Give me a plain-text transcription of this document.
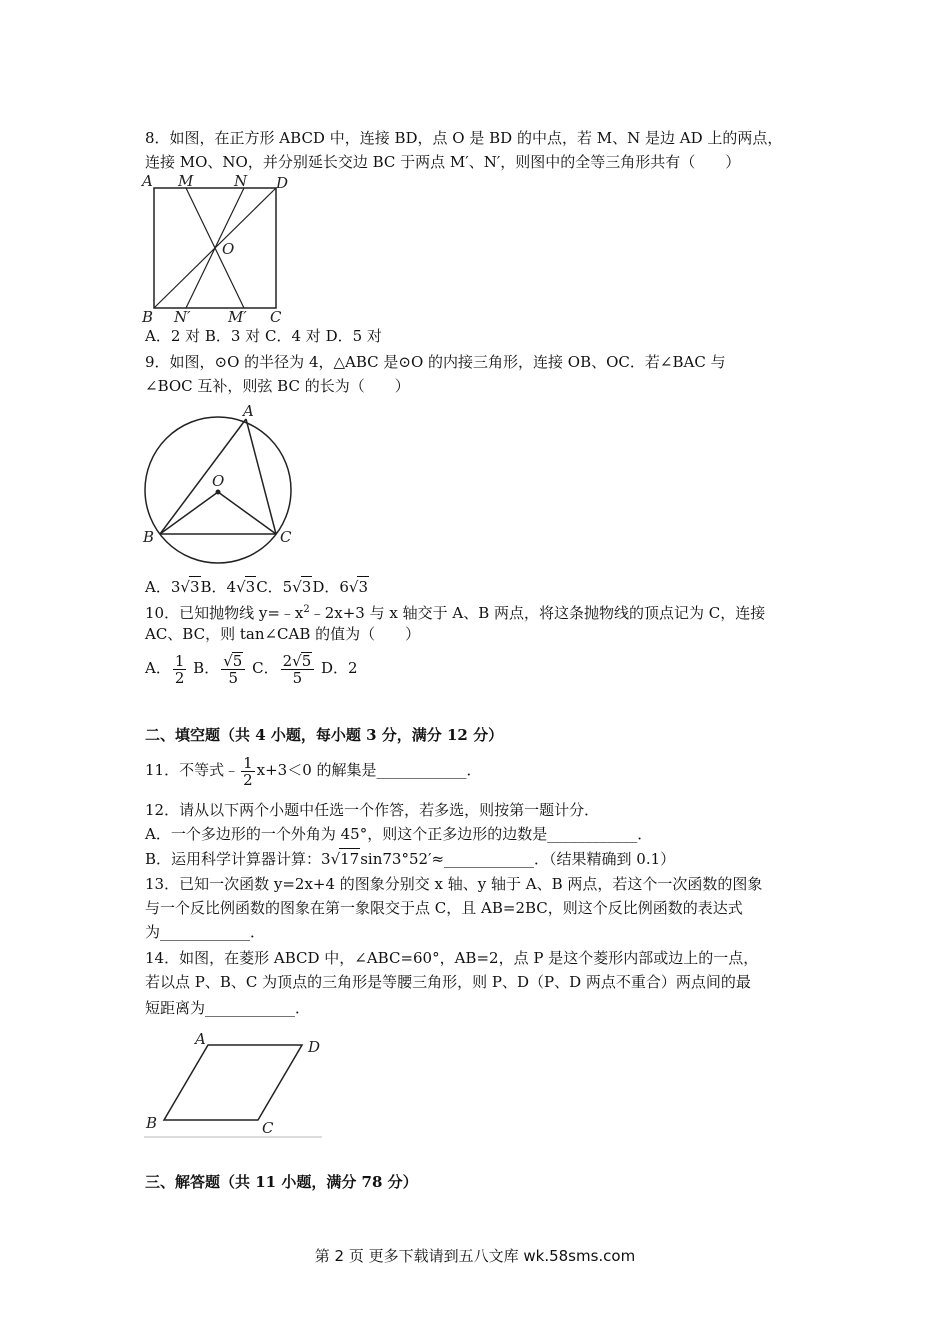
8．如图，在正方形 ABCD 中，连接 BD，点 O 是 BD 的中点，若 M、N 是边 AD 上的两点，
连接 MO、NO，并分别延长交边 BC 于两点 M′、N′，则图中的全等三角形共有（　　）
A M	N D
O
B N′ M′ C
A．2 对 B．3 对 C．4 对 D．5 对
9．如图，⊙O 的半径为 4，△ABC 是⊙O 的内接三角形，连接 OB、OC．若∠BAC 与
∠BOC 互补，则弦 BC 的长为（　　）
A
O
B	C
A．3√3B．4√3C．5√3D．6√3
10．已知抛物线 $y=﹣x^2﹣2x+3$ 与 x 轴交于 A、B 两点，将这条抛物线的顶点记为 C，连接
AC、BC，则 tan∠CAB 的值为（　　）
A． $\frac{1}{2}$ B． $\frac{√5}{5}$ C． $\frac{2√5}{5}$ D．2
二、填空题（共 4 小题，每小题 3 分，满分 12 分）
11．不等式﹣ $\frac{1}{2} x+3<0$ 的解集是____________．
12．请从以下两个小题中任选一个作答，若多选，则按第一题计分．
A．一个多边形的一个外角为 45°，则这个正多边形的边数是____________．
B．运用科学计算器计算：3√17sin73°52′≈____________．（结果精确到 0.1）
13．已知一次函数 y=2x+4 的图象分别交 x 轴、y 轴于 A、B 两点，若这个一次函数的图象
与一个反比例函数的图象在第一象限交于点 C，且 AB=2BC，则这个反比例函数的表达式
为____________．
14．如图，在菱形 ABCD 中，∠ABC=60°，AB=2，点 P 是这个菱形内部或边上的一点，
若以点 P、B、C 为顶点的三角形是等腰三角形，则 P、D（P、D 两点不重合）两点间的最
短距离为____________．
A	D
B	C
三、解答题（共 11 小题，满分 78 分）
第 2 页 更多下载请到五八文库 wk.58sms.com
